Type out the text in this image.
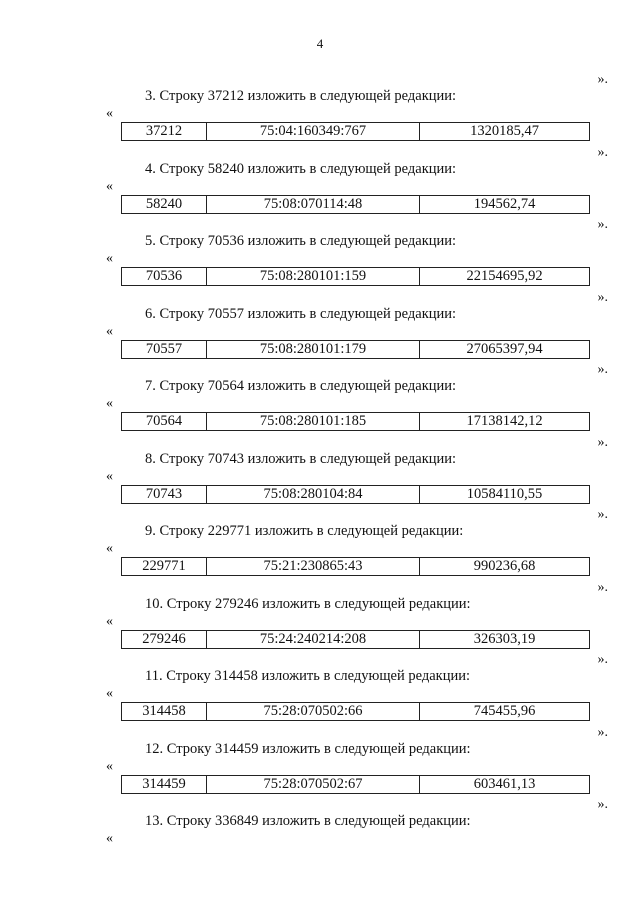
4
».
3. Строку 37212 изложить в следующей редакции:
«
37212	75:04:160349:767	1320185,47
».
4. Строку 58240 изложить в следующей редакции:
«
58240	75:08:070114:48	194562,74
».
5. Строку 70536 изложить в следующей редакции:
«
70536	75:08:280101:159	22154695,92
».
6. Строку 70557 изложить в следующей редакции:
«
70557	75:08:280101:179	27065397,94
».
7. Строку 70564 изложить в следующей редакции:
«
70564	75:08:280101:185	17138142,12
».
8. Строку 70743 изложить в следующей редакции:
«
70743	75:08:280104:84	10584110,55
».
9. Строку 229771 изложить в следующей редакции:
«
229771	75:21:230865:43	990236,68
».
10. Строку 279246 изложить в следующей редакции:
«
279246	75:24:240214:208	326303,19
».
11. Строку 314458 изложить в следующей редакции:
«
314458	75:28:070502:66	745455,96
».
12. Строку 314459 изложить в следующей редакции:
«
314459	75:28:070502:67	603461,13
».
13. Строку 336849 изложить в следующей редакции:
«
